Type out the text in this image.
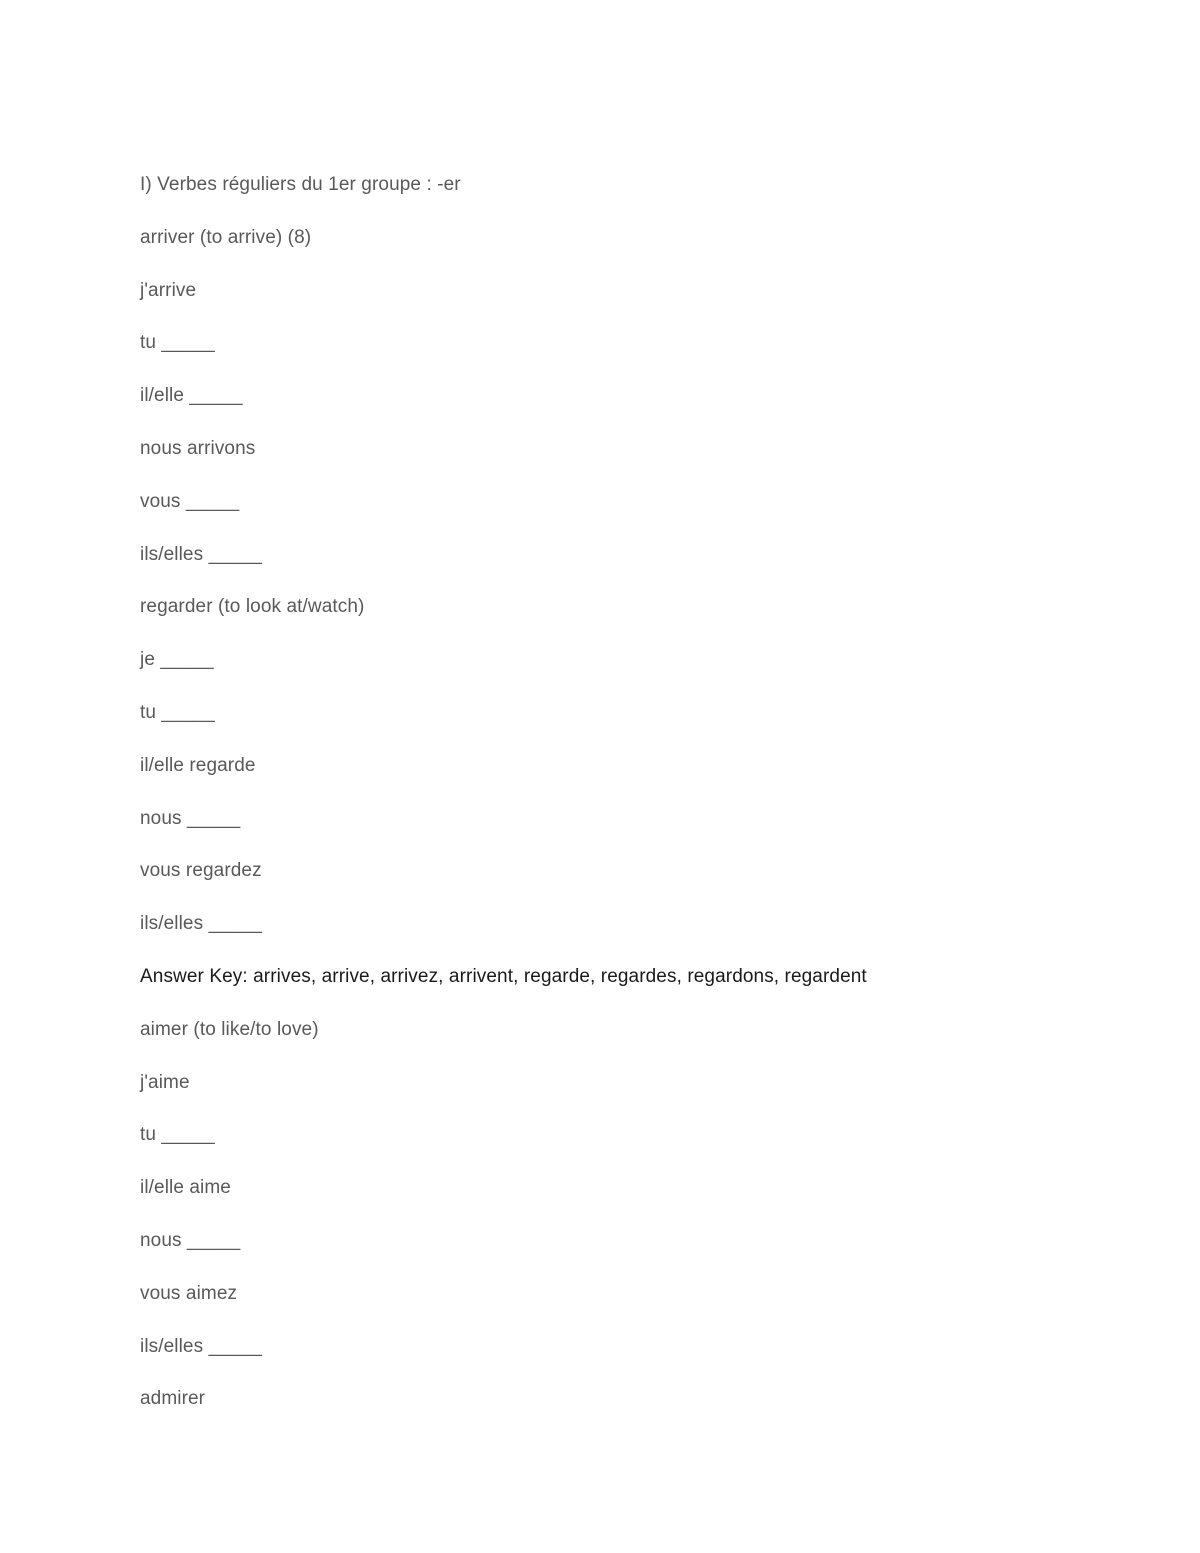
I) Verbes réguliers du 1er groupe : -er
arriver (to arrive) (8)
j'arrive
tu _____
il/elle _____
nous arrivons
vous _____
ils/elles _____
regarder (to look at/watch)
je _____
tu _____
il/elle regarde
nous _____
vous regardez
ils/elles _____
Answer Key: arrives, arrive, arrivez, arrivent, regarde, regardes, regardons, regardent
aimer (to like/to love)
j'aime
tu _____
il/elle aime
nous _____
vous aimez
ils/elles _____
admirer
